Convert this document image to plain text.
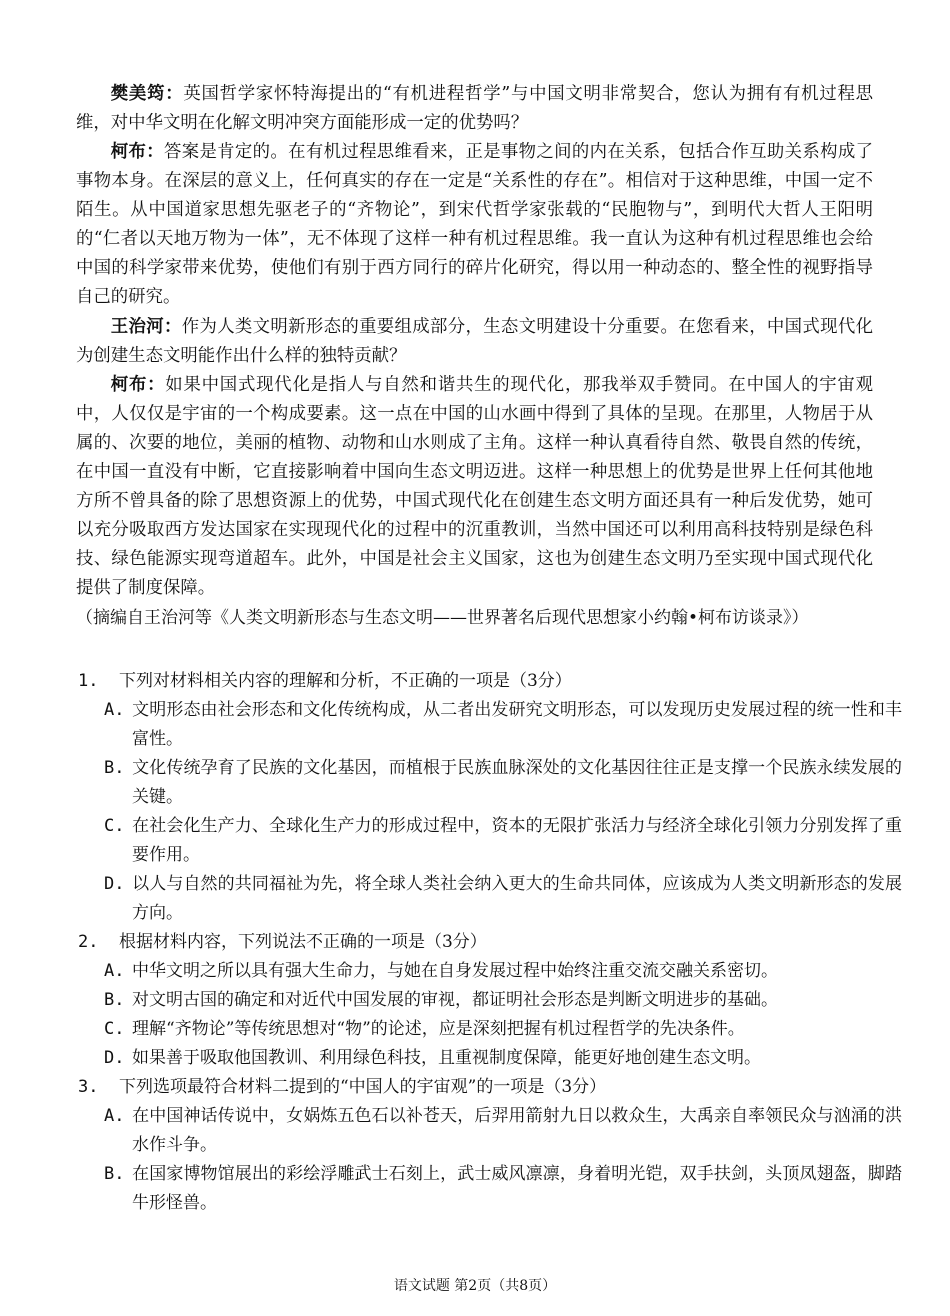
樊美筠：英国哲学家怀特海提出的“有机进程哲学”与中国文明非常契合，您认为拥有有机过程思维，对中华文明在化解文明冲突方面能形成一定的优势吗？

柯布：答案是肯定的。在有机过程思维看来，正是事物之间的内在关系，包括合作互助关系构成了事物本身。在深层的意义上，任何真实的存在一定是“关系性的存在”。相信对于这种思维，中国一定不陌生。从中国道家思想先驱老子的“齐物论”，到宋代哲学家张载的“民胞物与”，到明代大哲人王阳明的“仁者以天地万物为一体”，无不体现了这样一种有机过程思维。我一直认为这种有机过程思维也会给中国的科学家带来优势，使他们有别于西方同行的碎片化研究，得以用一种动态的、整全性的视野指导自己的研究。

王治河：作为人类文明新形态的重要组成部分，生态文明建设十分重要。在您看来，中国式现代化为创建生态文明能作出什么样的独特贡献？

柯布：如果中国式现代化是指人与自然和谐共生的现代化，那我举双手赞同。在中国人的宇宙观中，人仅仅是宇宙的一个构成要素。这一点在中国的山水画中得到了具体的呈现。在那里，人物居于从属的、次要的地位，美丽的植物、动物和山水则成了主角。这样一种认真看待自然、敬畏自然的传统，在中国一直没有中断，它直接影响着中国向生态文明迈进。这样一种思想上的优势是世界上任何其他地方所不曾具备的除了思想资源上的优势，中国式现代化在创建生态文明方面还具有一种后发优势，她可以充分吸取西方发达国家在实现现代化的过程中的沉重教训，当然中国还可以利用高科技特别是绿色科技、绿色能源实现弯道超车。此外，中国是社会主义国家，这也为创建生态文明乃至实现中国式现代化提供了制度保障。

（摘编自王治河等《人类文明新形态与生态文明——世界著名后现代思想家小约翰•柯布访谈录》）

1. 下列对材料相关内容的理解和分析，不正确的一项是（3分）

A. 文明形态由社会形态和文化传统构成，从二者出发研究文明形态，可以发现历史发展过程的统一性和丰富性。

B. 文化传统孕育了民族的文化基因，而植根于民族血脉深处的文化基因往往正是支撑一个民族永续发展的关键。

C. 在社会化生产力、全球化生产力的形成过程中，资本的无限扩张活力与经济全球化引领力分别发挥了重要作用。

D. 以人与自然的共同福祉为先，将全球人类社会纳入更大的生命共同体，应该成为人类文明新形态的发展方向。

2. 根据材料内容，下列说法不正确的一项是（3分）

A. 中华文明之所以具有强大生命力，与她在自身发展过程中始终注重交流交融关系密切。

B. 对文明古国的确定和对近代中国发展的审视，都证明社会形态是判断文明进步的基础。

C. 理解“齐物论”等传统思想对“物”的论述，应是深刻把握有机过程哲学的先决条件。

D. 如果善于吸取他国教训、利用绿色科技，且重视制度保障，能更好地创建生态文明。

3. 下列选项最符合材料二提到的“中国人的宇宙观”的一项是（3分）

A. 在中国神话传说中，女娲炼五色石以补苍天，后羿用箭射九日以救众生，大禹亲自率领民众与汹涌的洪水作斗争。

B. 在国家博物馆展出的彩绘浮雕武士石刻上，武士威风凛凛，身着明光铠，双手扶剑，头顶凤翅盔，脚踏牛形怪兽。

语文试题 第2页（共8页）
